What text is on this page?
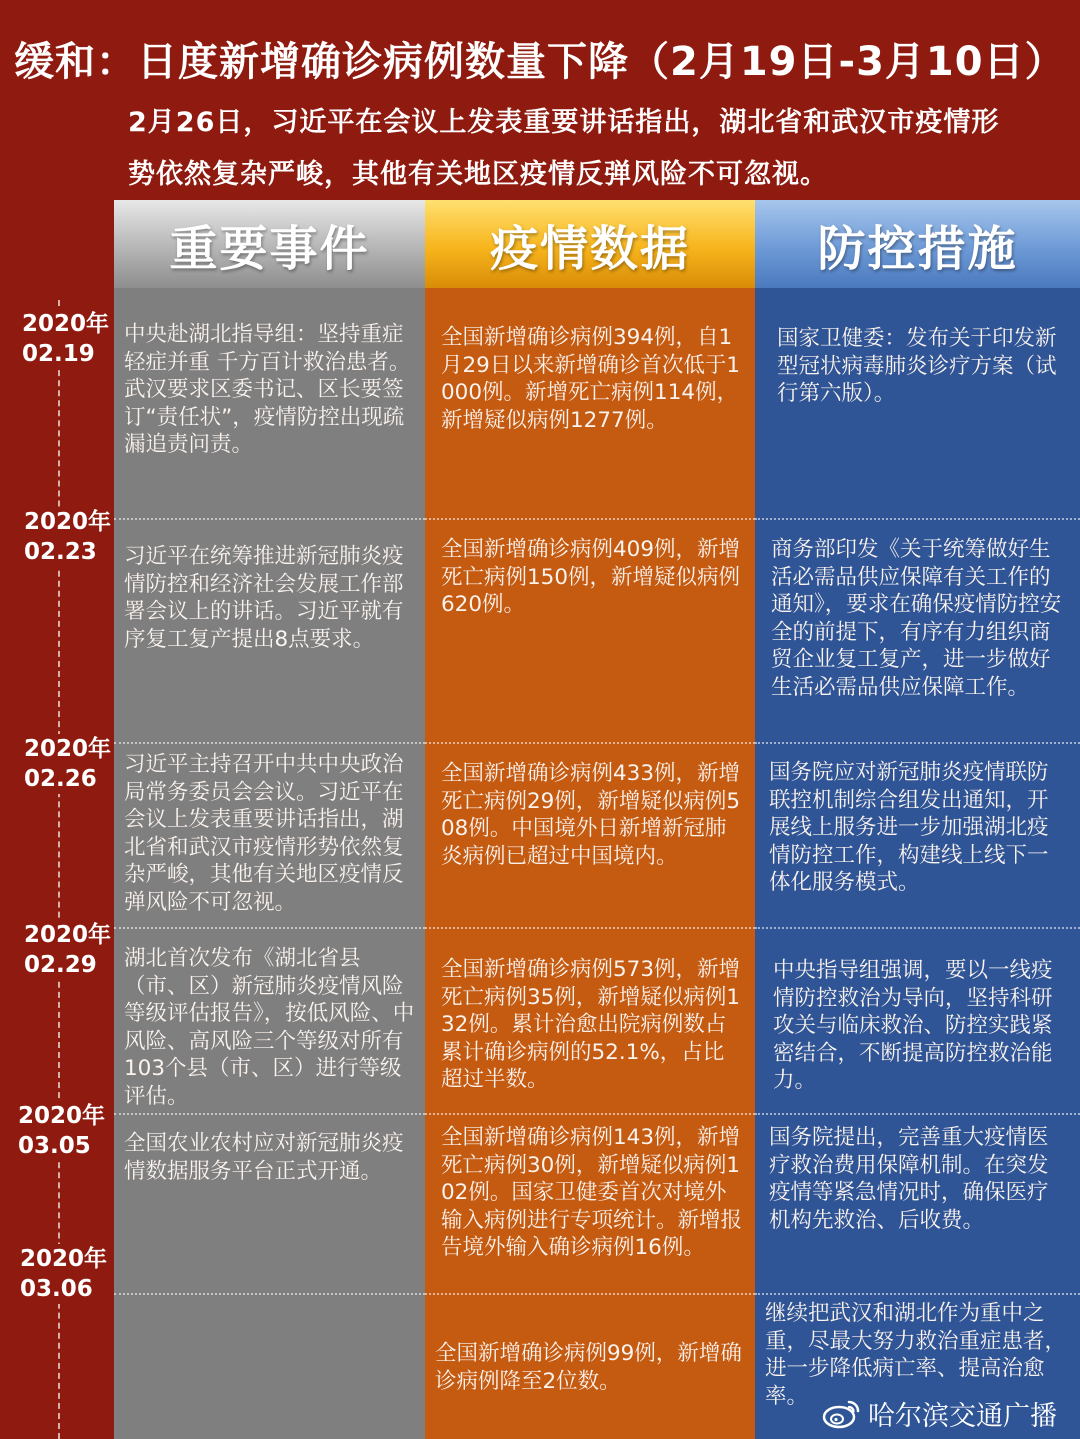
缓和：日度新增确诊病例数量下降（2月19日-3月10日）
2月26日，习近平在会议上发表重要讲话指出，湖北省和武汉市疫情形
势依然复杂严峻，其他有关地区疫情反弹风险不可忽视。
重要事件
中央赴湖北指导组：坚持重症轻症并重 千方百计救治患者。
武汉要求区委书记、区长要签订“责任状”，疫情防控出现疏漏追责问责。
习近平在统筹推进新冠肺炎疫情防控和经济社会发展工作部署会议上的讲话。习近平就有序复工复产提出8点要求。
习近平主持召开中共中央政治局常务委员会会议。习近平在会议上发表重要讲话指出，湖北省和武汉市疫情形势依然复杂严峻，其他有关地区疫情反弹风险不可忽视。
湖北首次发布《湖北省县（市、区）新冠肺炎疫情风险等级评估报告》，按低风险、中风险、高风险三个等级对所有103个县（市、区）进行等级评估。
全国农业农村应对新冠肺炎疫情数据服务平台正式开通。
疫情数据
全国新增确诊病例394例，自1月29日以来新增确诊首次低于1000例。新增死亡病例114例，新增疑似病例1277例。
全国新增确诊病例409例，新增死亡病例150例，新增疑似病例620例。
全国新增确诊病例433例，新增死亡病例29例，新增疑似病例508例。中国境外日新增新冠肺炎病例已超过中国境内。
全国新增确诊病例573例，新增死亡病例35例，新增疑似病例132例。累计治愈出院病例数占累计确诊病例的52.1%，占比超过半数。
全国新增确诊病例143例，新增死亡病例30例，新增疑似病例102例。国家卫健委首次对境外输入病例进行专项统计。新增报告境外输入确诊病例16例。
全国新增确诊病例99例，新增确诊病例降至2位数。
防控措施
国家卫健委：发布关于印发新型冠状病毒肺炎诊疗方案（试行第六版）。
商务部印发《关于统筹做好生活必需品供应保障有关工作的通知》，要求在确保疫情防控安全的前提下，有序有力组织商贸企业复工复产，进一步做好生活必需品供应保障工作。
国务院应对新冠肺炎疫情联防联控机制综合组发出通知，开展线上服务进一步加强湖北疫情防控工作，构建线上线下一体化服务模式。
中央指导组强调，要以一线疫情防控救治为导向，坚持科研攻关与临床救治、防控实践紧密结合，不断提高防控救治能力。
国务院提出，完善重大疫情医疗救治费用保障机制。在突发疫情等紧急情况时，确保医疗机构先救治、后收费。
继续把武汉和湖北作为重中之重，尽最大努力救治重症患者，进一步降低病亡率、提高治愈率。
2020年
02.19
2020年
02.23
2020年
02.26
2020年
02.29
2020年
03.05
2020年
03.06
哈尔滨交通广播
